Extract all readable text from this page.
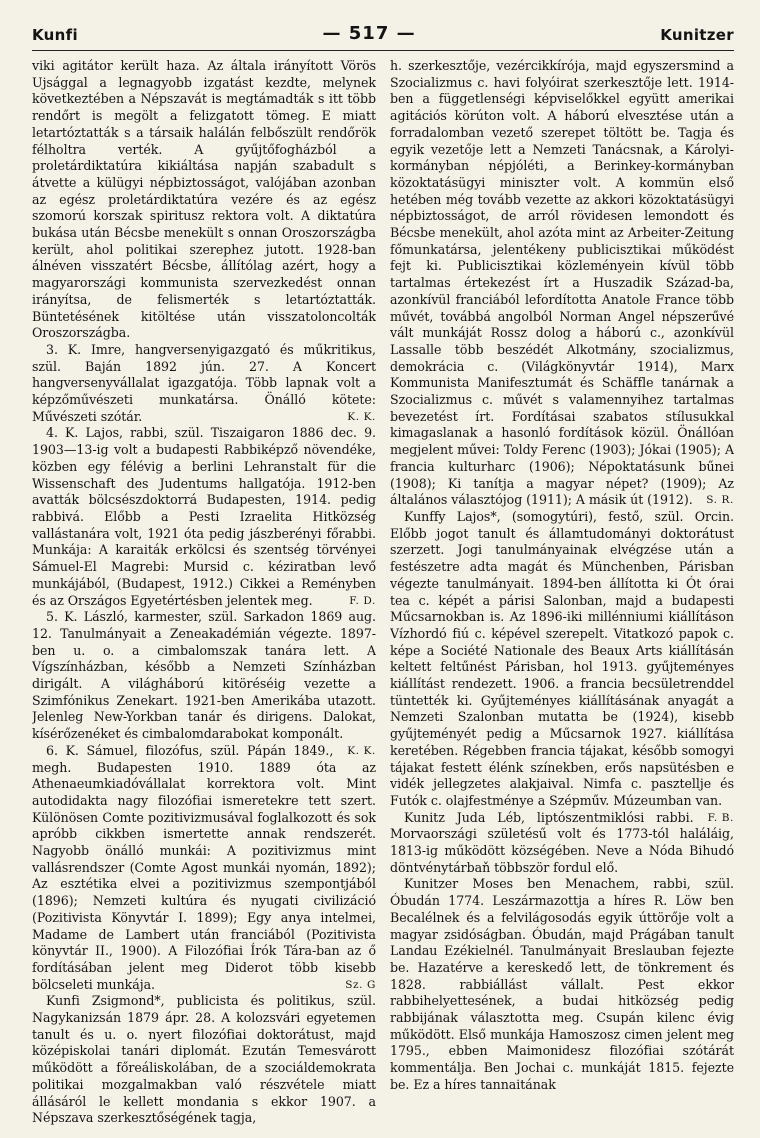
Kunfi	— 517 —	Kunitzer

viki agitátor került haza. Az általa irányított Vörös Ujsággal a legnagyobb izgatást kezdte, melynek következtében a Népszavát is megtámadták s itt több rendőrt is megölt a felizgatott tömeg. E miatt letartóztatták s a társaik halálán felbőszült rendőrök félholtra verték. A gyűjtőfogházból a proletárdiktatúra kikiáltása napján szabadult s átvette a külügyi népbiztosságot, valójában azonban az egész proletárdiktatúra vezére és az egész szomorú korszak spiritusz rektora volt. A diktatúra bukása után Bécsbe menekült s onnan Oroszországba került, ahol politikai szerephez jutott. 1928-ban álnéven visszatért Bécsbe, állítólag azért, hogy a magyarországi kommunista szervezkedést onnan irányítsa, de felismerték s letartóztatták. Büntetésének kitöltése után visszatoloncolták Oroszországba.

3. K. Imre, hangversenyigazgató és műkritikus, szül. Baján 1892 jún. 27. A Koncert hangversenyvállalat igazgatója. Több lapnak volt a képzőművészeti munkatársa. Önálló kötete: Művészeti szótár.	K. K.

4. K. Lajos, rabbi, szül. Tiszaigaron 1886 dec. 9. 1903—13-ig volt a budapesti Rabbiképző növendéke, közben egy félévig a berlini Lehranstalt für die Wissenschaft des Judentums hallgatója. 1912-ben avatták bölcsészdoktorrá Budapesten, 1914. pedig rabbivá. Előbb a Pesti Izraelita Hitközség vallástanára volt, 1921 óta pedig jászberényi főrabbi. Munkája: A karaiták erkölcsi és szentség törvényei Sámuel-El Magrebi: Mursid c. kéziratban levő munkájából, (Budapest, 1912.) Cikkei a Reményben és az Országos Egyetértésben jelentek meg.	F. D.

5. K. László, karmester, szül. Sarkadon 1869 aug. 12. Tanulmányait a Zeneakadémián végezte. 1897-ben u. o. a cimbalomszak tanára lett. A Vígszínházban, később a Nemzeti Színházban dirigált. A világháború kitöréséig vezette a Szimfónikus Zenekart. 1921-ben Amerikába utazott. Jelenleg New-Yorkban tanár és dirigens. Dalokat, kísérőzenéket és cimbalomdarabokat komponált.
K. K.

6. K. Sámuel, filozófus, szül. Pápán 1849., megh. Budapesten 1910. 1889 óta az Athenaeumkiadóvállalat korrektora volt. Mint autodidakta nagy filozófiai ismeretekre tett szert. Különösen Comte pozitivizmusával foglalkozott és sok apróbb cikkben ismertette annak rendszerét. Nagyobb önálló munkái: A pozitivizmus mint vallásrendszer (Comte Agost munkái nyomán, 1892); Az esztétika elvei a pozitivizmus szempontjából (1896); Nemzeti kultúra és nyugati civilizáció (Pozitivista Könyvtár I. 1899); Egy anya intelmei, Madame de Lambert után franciából (Pozitivista könyvtár II., 1900). A Filozófiai Írók Tára-ban az ő fordításában jelent meg Diderot több kisebb bölcseleti munkája.	Sz. G

Kunfi Zsigmond*, publicista és politikus, szül. Nagykanizsán 1879 ápr. 28. A kolozsvári egyetemen tanult és u. o. nyert filozófiai doktorátust, majd középiskolai tanári diplomát. Ezután Temesvárott működött a főreáliskolában, de a szociáldemokrata politikai mozgalmakban való részvétele miatt állásáról le kellett mondania s ekkor 1907. a Népszava szerkesztőségének tagja,

h. szerkesztője, vezércikkírója, majd egyszersmind a Szocializmus c. havi folyóirat szerkesztője lett. 1914-ben a függetlenségi képviselőkkel együtt amerikai agitációs körúton volt. A háború elvesztése után a forradalomban vezető szerepet töltött be. Tagja és egyik vezetője lett a Nemzeti Tanácsnak, a Károlyi-kormányban népjóléti, a Berinkey-kormányban közoktatásügyi miniszter volt. A kommün első hetében még tovább vezette az akkori közoktatásügyi népbiztosságot, de arról rövidesen lemondott és Bécsbe menekült, ahol azóta mint az Arbeiter-Zeitung főmunkatársa, jelentékeny publicisztikai működést fejt ki. Publicisztikai közleményein kívül több tartalmas értekezést írt a Huszadik Század-ba, azonkívül franciából lefordította Anatole France több művét, továbbá angolból Norman Angel népszerűvé vált munkáját Rossz dolog a háború c., azonkívül Lassalle több beszédét Alkotmány, szocializmus, demokrácia c. (Világkönyvtár 1914), Marx Kommunista Manifesztumát és Schäffle tanárnak a Szocializmus c. művét s valamennyihez tartalmas bevezetést írt. Fordításai szabatos stílusukkal kimagaslanak a hasonló fordítások közül. Önállóan megjelent művei: Toldy Ferenc (1903); Jókai (1905); A francia kulturharc (1906); Népoktatásunk bűnei (1908); Ki tanítja a magyar népet? (1909); Az általános választójog (1911); A másik út (1912). S. R.

Kunffy Lajos*, (somogytúri), festő, szül. Orcin. Előbb jogot tanult és államtudományi doktorátust szerzett. Jogi tanulmányainak elvégzése után a festészetre adta magát és Münchenben, Párisban végezte tanulmányait. 1894-ben állította ki Ót órai tea c. képét a párisi Salonban, majd a budapesti Műcsarnokban is. Az 1896-iki millénniumi kiállításon Vízhordó fiú c. képével szerepelt. Vitatkozó papok c. képe a Société Nationale des Beaux Arts kiállításán keltett feltűnést Párisban, hol 1913. gyűjteményes kiállítást rendezett. 1906. a francia becsületrenddel tüntették ki. Gyűjteményes kiállításának anyagát a Nemzeti Szalonban mutatta be (1924), kisebb gyűjteményét pedig a Műcsarnok 1927. kiállítása keretében. Régebben francia tájakat, később somogyi tájakat festett élénk színekben, erős napsütésben e vidék jellegzetes alakjaival. Nimfa c. pasztellje és Futók c. olajfestménye a Szépműv. Múzeumban van.
F. B.

Kunitz Juda Léb, liptószentmiklósi rabbi. Morvaországi születésű volt és 1773-tól haláláig, 1813-ig működött községében. Neve a Nóda Bihudó döntvénytárbaň többször fordul elő.

Kunitzer Moses ben Menachem, rabbi, szül. Óbudán 1774. Leszármazottja a híres R. Löw ben Becalélnek és a felvilágosodás egyik úttörője volt a magyar zsidóságban. Óbudán, majd Prágában tanult Landau Ezékielnél. Tanulmányait Breslauban fejezte be. Hazatérve a kereskedő lett, de tönkrement és 1828. rabbiállást vállalt. Pest ekkor rabbihelyettesének, a budai hitközség pedig rabbijának választotta meg. Csupán kilenc évig működött. Első munkája Hamoszosz cimen jelent meg 1795., ebben Maimonidesz filozófiai szótárát kommentálja. Ben Jochai c. munkáját 1815. fejezte be. Ez a híres tannaitának
